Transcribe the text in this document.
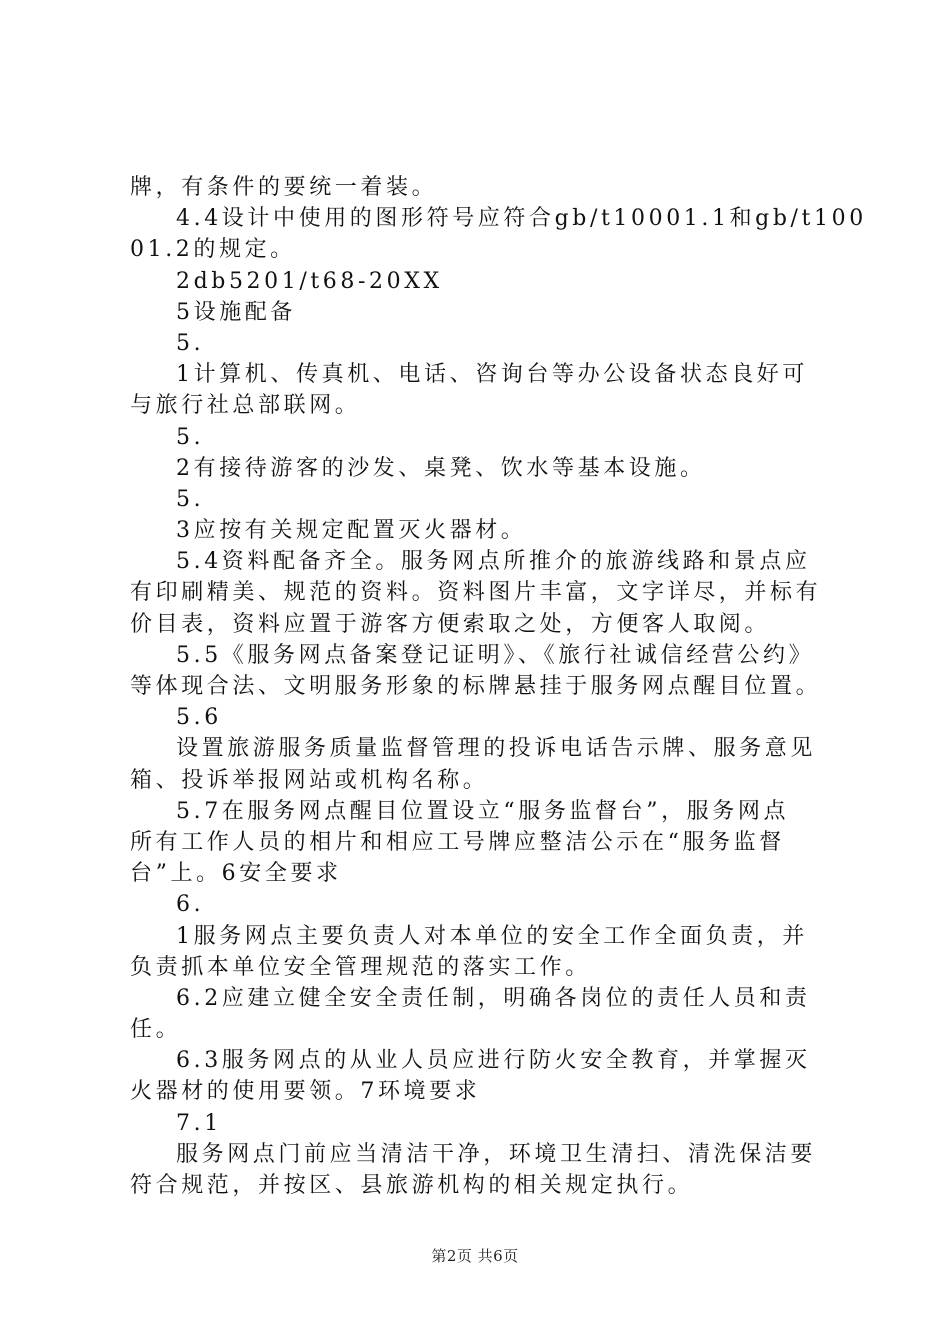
牌，有条件的要统一着装。
4.4设计中使用的图形符号应符合gb/t10001.1和gb/t100
01.2的规定。
2db5201/t68-20XX
5设施配备
5.
1计算机、传真机、电话、咨询台等办公设备状态良好可
与旅行社总部联网。
5.
2有接待游客的沙发、桌凳、饮水等基本设施。
5.
3应按有关规定配置灭火器材。
5.4资料配备齐全。服务网点所推介的旅游线路和景点应
有印刷精美、规范的资料。资料图片丰富，文字详尽，并标有
价目表，资料应置于游客方便索取之处，方便客人取阅。
5.5《服务网点备案登记证明》、《旅行社诚信经营公约》
等体现合法、文明服务形象的标牌悬挂于服务网点醒目位置。
5.6
设置旅游服务质量监督管理的投诉电话告示牌、服务意见
箱、投诉举报网站或机构名称。
5.7在服务网点醒目位置设立“服务监督台”，服务网点
所有工作人员的相片和相应工号牌应整洁公示在“服务监督
台”上。6安全要求
6.
1服务网点主要负责人对本单位的安全工作全面负责，并
负责抓本单位安全管理规范的落实工作。
6.2应建立健全安全责任制，明确各岗位的责任人员和责
任。
6.3服务网点的从业人员应进行防火安全教育，并掌握灭
火器材的使用要领。7环境要求
7.1
服务网点门前应当清洁干净，环境卫生清扫、清洗保洁要
符合规范，并按区、县旅游机构的相关规定执行。
第2页 共6页
